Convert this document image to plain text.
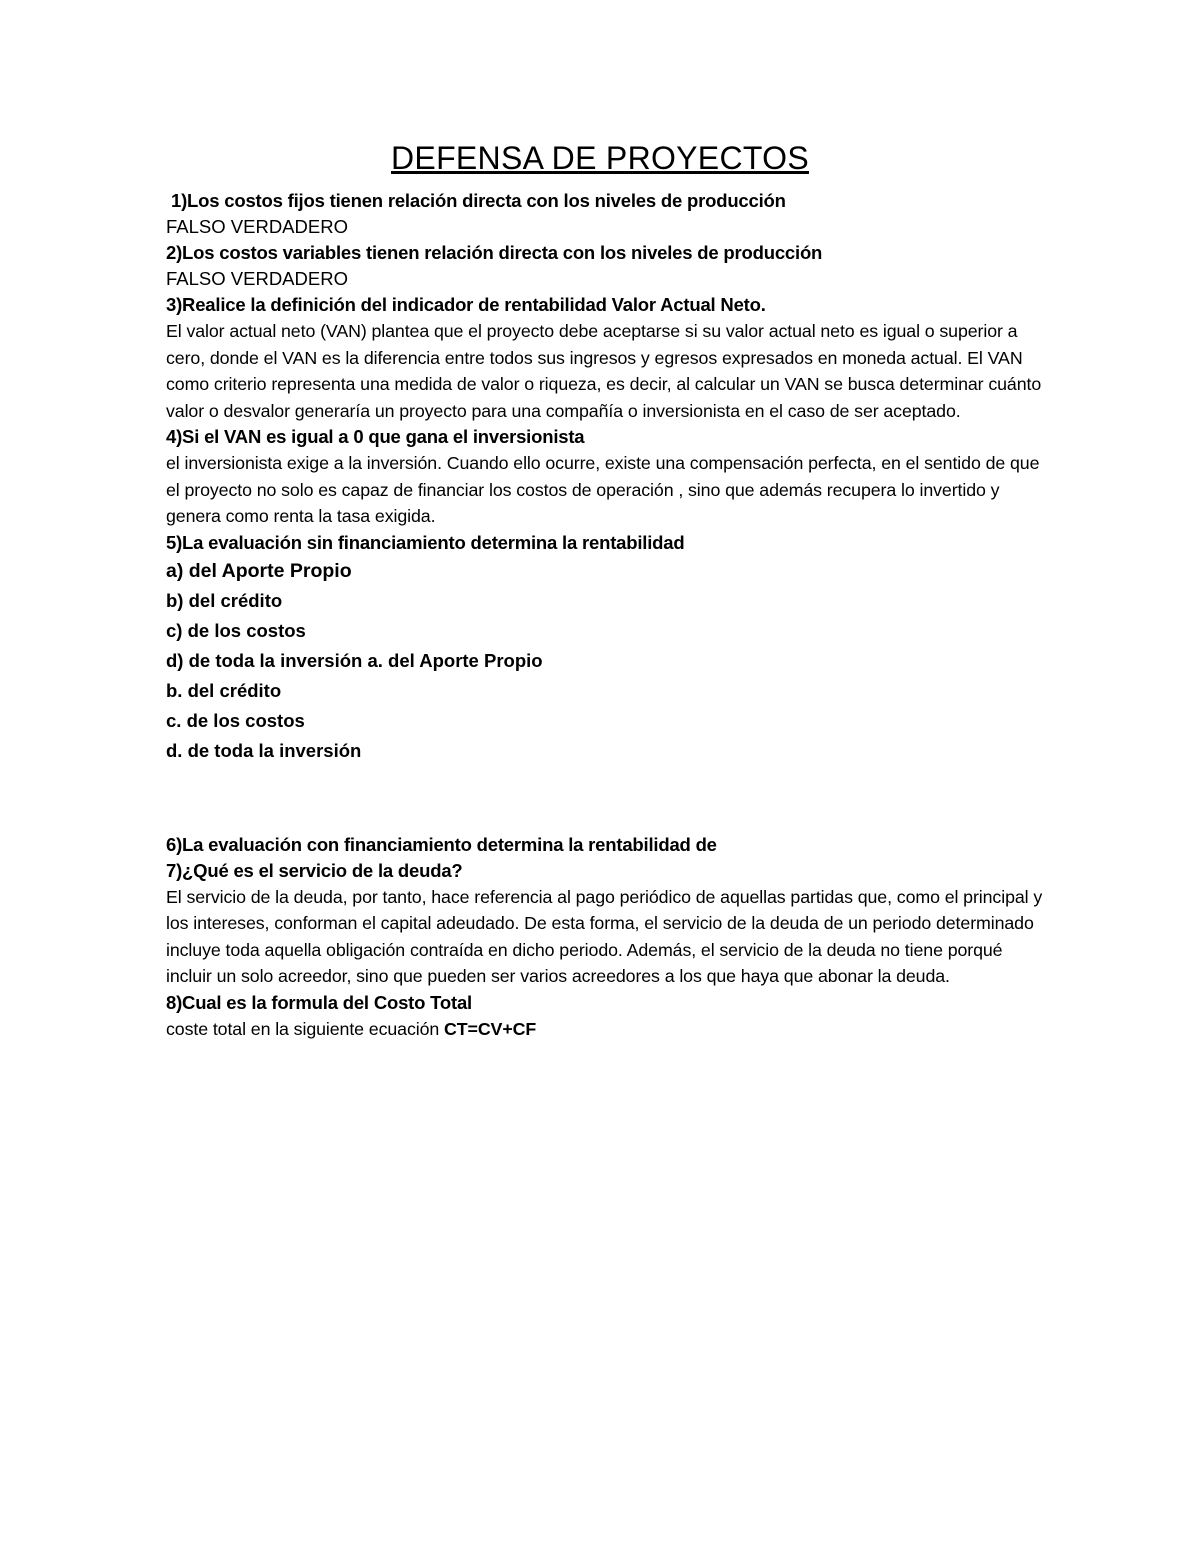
DEFENSA DE PROYECTOS
1)Los costos fijos tienen relación directa con los niveles de producción
FALSO VERDADERO
2)Los costos variables tienen relación directa con los niveles de producción
FALSO VERDADERO
3)Realice la definición del indicador de rentabilidad Valor Actual Neto.
El valor actual neto (VAN) plantea que el proyecto debe aceptarse si su valor actual neto es igual o superior a cero, donde el VAN es la diferencia entre todos sus ingresos y egresos expresados en moneda actual. El VAN como criterio representa una medida de valor o riqueza, es decir, al calcular un VAN se busca determinar cuánto valor o desvalor generaría un proyecto para una compañía o inversionista en el caso de ser aceptado.
4)Si el VAN es igual a 0 que gana el inversionista
el inversionista exige a la inversión. Cuando ello ocurre, existe una compensación perfecta, en el sentido de que el proyecto no solo es capaz de financiar los costos de operación , sino que además recupera lo invertido y genera como renta la tasa exigida.
5)La evaluación sin financiamiento determina la rentabilidad
a) del Aporte Propio
b) del crédito
c) de los costos
d) de toda la inversión a. del Aporte Propio
b. del crédito
c. de los costos
d. de toda la inversión
6)La evaluación con financiamiento determina la rentabilidad de
7)¿Qué es el servicio de la deuda?
El servicio de la deuda, por tanto, hace referencia al pago periódico de aquellas partidas que, como el principal y los intereses, conforman el capital adeudado. De esta forma, el servicio de la deuda de un periodo determinado incluye toda aquella obligación contraída en dicho periodo. Además, el servicio de la deuda no tiene porqué incluir un solo acreedor, sino que pueden ser varios acreedores a los que haya que abonar la deuda.
8)Cual es la formula del Costo Total
coste total en la siguiente ecuación CT=CV+CF
